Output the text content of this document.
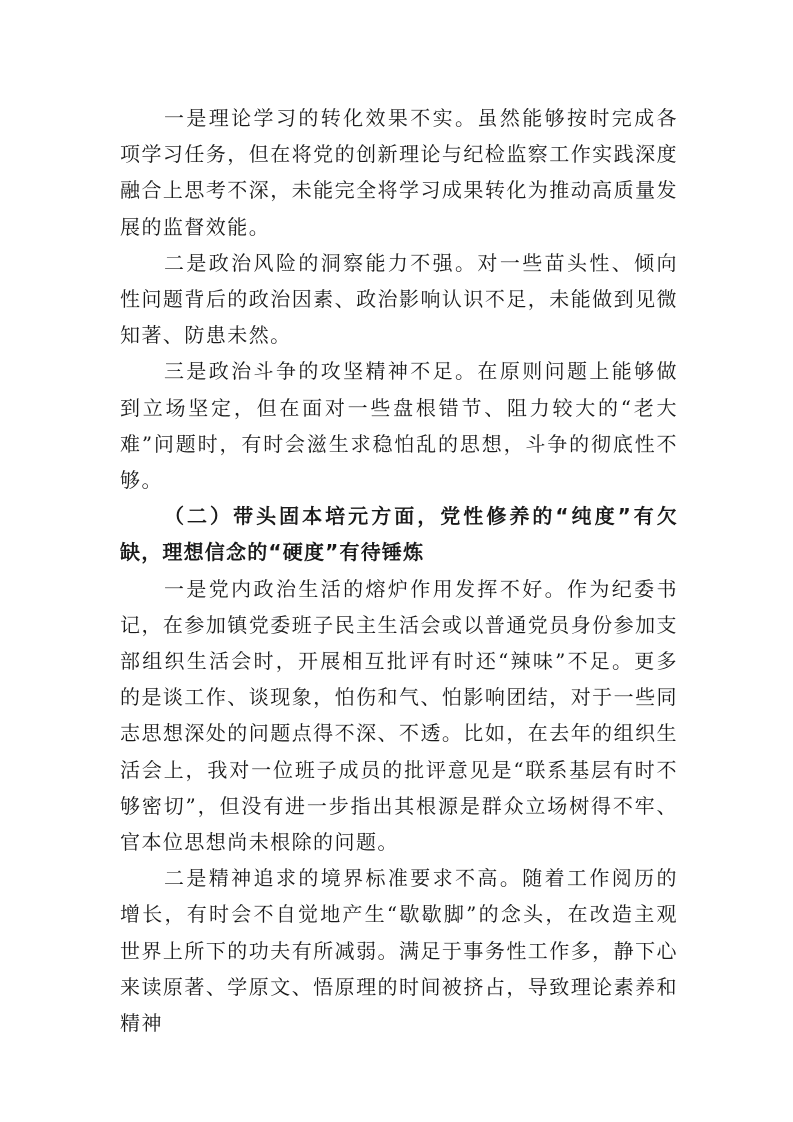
一是理论学习的转化效果不实。虽然能够按时完成各项学习任务，但在将党的创新理论与纪检监察工作实践深度融合上思考不深，未能完全将学习成果转化为推动高质量发展的监督效能。

二是政治风险的洞察能力不强。对一些苗头性、倾向性问题背后的政治因素、政治影响认识不足，未能做到见微知著、防患未然。

三是政治斗争的攻坚精神不足。在原则问题上能够做到立场坚定，但在面对一些盘根错节、阻力较大的“老大难”问题时，有时会滋生求稳怕乱的思想，斗争的彻底性不够。

（二）带头固本培元方面，党性修养的“纯度”有欠缺，理想信念的“硬度”有待锤炼

一是党内政治生活的熔炉作用发挥不好。作为纪委书记，在参加镇党委班子民主生活会或以普通党员身份参加支部组织生活会时，开展相互批评有时还“辣味”不足。更多的是谈工作、谈现象，怕伤和气、怕影响团结，对于一些同志思想深处的问题点得不深、不透。比如，在去年的组织生活会上，我对一位班子成员的批评意见是“联系基层有时不够密切”，但没有进一步指出其根源是群众立场树得不牢、官本位思想尚未根除的问题。

二是精神追求的境界标准要求不高。随着工作阅历的增长，有时会不自觉地产生“歇歇脚”的念头，在改造主观世界上所下的功夫有所减弱。满足于事务性工作多，静下心来读原著、学原文、悟原理的时间被挤占，导致理论素养和精神
